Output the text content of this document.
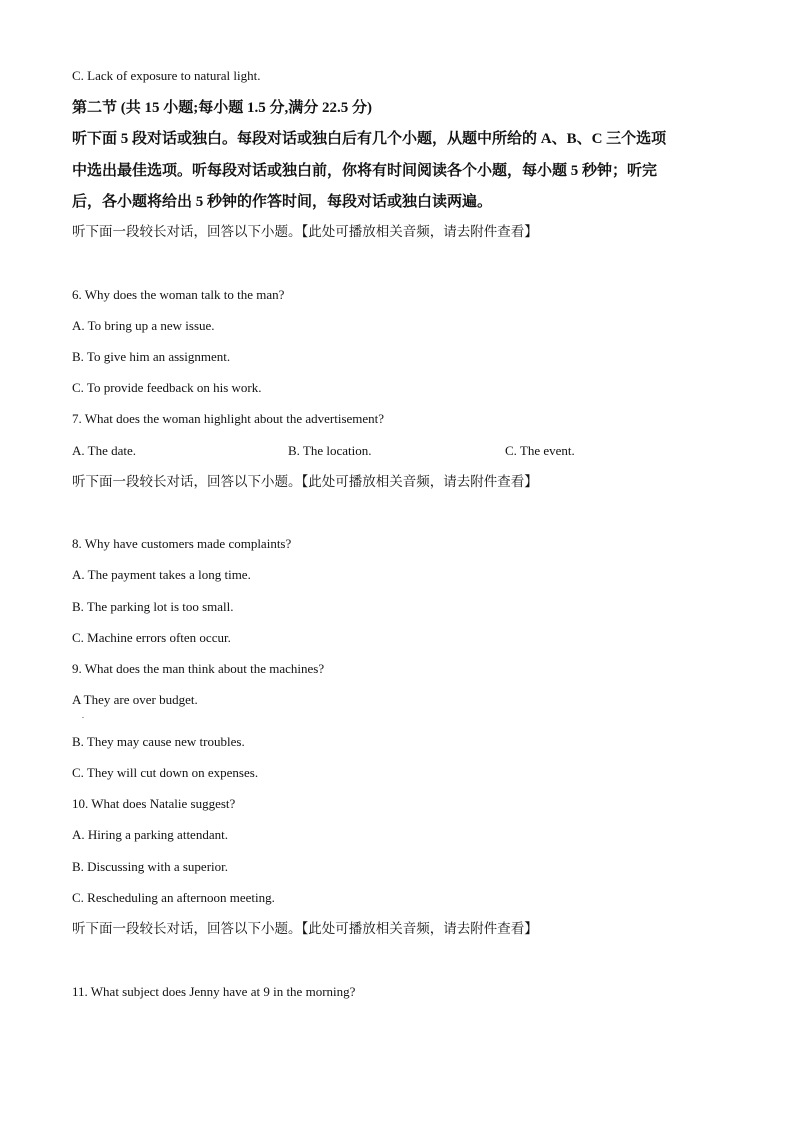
C. Lack of exposure to natural light.
第二节 (共 15 小题;每小题 1.5 分,满分 22.5 分)
听下面 5 段对话或独白。每段对话或独白后有几个小题，从题中所给的 A、B、C 三个选项
中选出最佳选项。听每段对话或独白前，你将有时间阅读各个小题，每小题 5 秒钟；听完
后，各小题将给出 5 秒钟的作答时间，每段对话或独白读两遍。
听下面一段较长对话，回答以下小题。【此处可播放相关音频，请去附件查看】
6. Why does the woman talk to the man?
A. To bring up a new issue.
B. To give him an assignment.
C. To provide feedback on his work.
7. What does the woman highlight about the advertisement?
A. The date.	B. The location.	C. The event.
听下面一段较长对话，回答以下小题。【此处可播放相关音频，请去附件查看】
8. Why have customers made complaints?
A. The payment takes a long time.
B. The parking lot is too small.
C. Machine errors often occur.
9. What does the man think about the machines?
A They are over budget.
.
B. They may cause new troubles.
C. They will cut down on expenses.
10. What does Natalie suggest?
A. Hiring a parking attendant.
B. Discussing with a superior.
C. Rescheduling an afternoon meeting.
听下面一段较长对话，回答以下小题。【此处可播放相关音频，请去附件查看】
11. What subject does Jenny have at 9 in the morning?
